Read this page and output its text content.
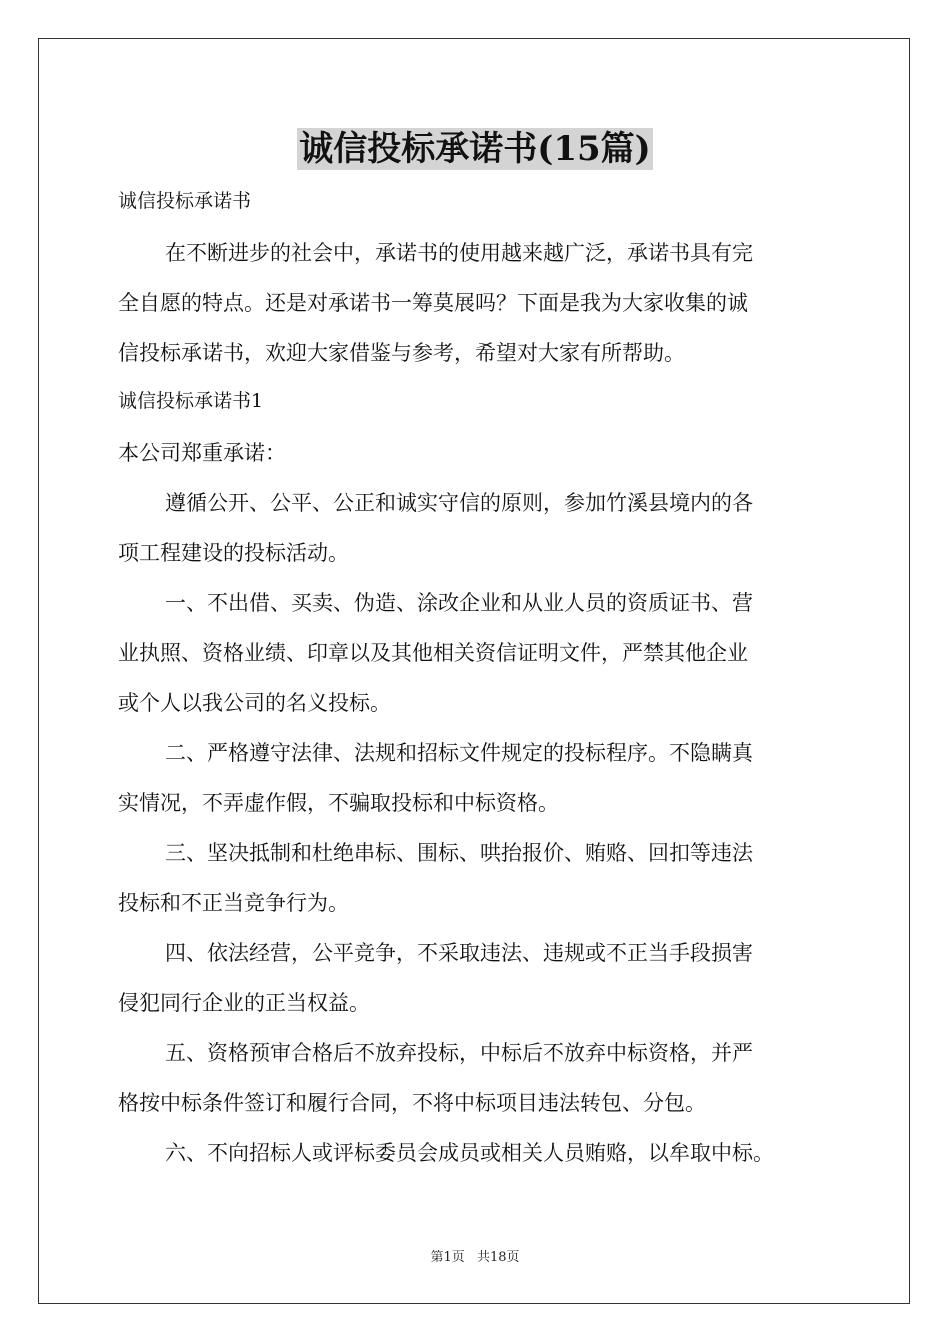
诚信投标承诺书(15篇)
诚信投标承诺书
在不断进步的社会中，承诺书的使用越来越广泛，承诺书具有完
全自愿的特点。还是对承诺书一筹莫展吗？下面是我为大家收集的诚
信投标承诺书，欢迎大家借鉴与参考，希望对大家有所帮助。
诚信投标承诺书1
本公司郑重承诺：
遵循公开、公平、公正和诚实守信的原则，参加竹溪县境内的各
项工程建设的投标活动。
一、不出借、买卖、伪造、涂改企业和从业人员的资质证书、营
业执照、资格业绩、印章以及其他相关资信证明文件，严禁其他企业
或个人以我公司的名义投标。
二、严格遵守法律、法规和招标文件规定的投标程序。不隐瞒真
实情况，不弄虚作假，不骗取投标和中标资格。
三、坚决抵制和杜绝串标、围标、哄抬报价、贿赂、回扣等违法
投标和不正当竞争行为。
四、依法经营，公平竞争，不采取违法、违规或不正当手段损害
侵犯同行企业的正当权益。
五、资格预审合格后不放弃投标，中标后不放弃中标资格，并严
格按中标条件签订和履行合同，不将中标项目违法转包、分包。
六、不向招标人或评标委员会成员或相关人员贿赂，以牟取中标。
第1页 共18页
